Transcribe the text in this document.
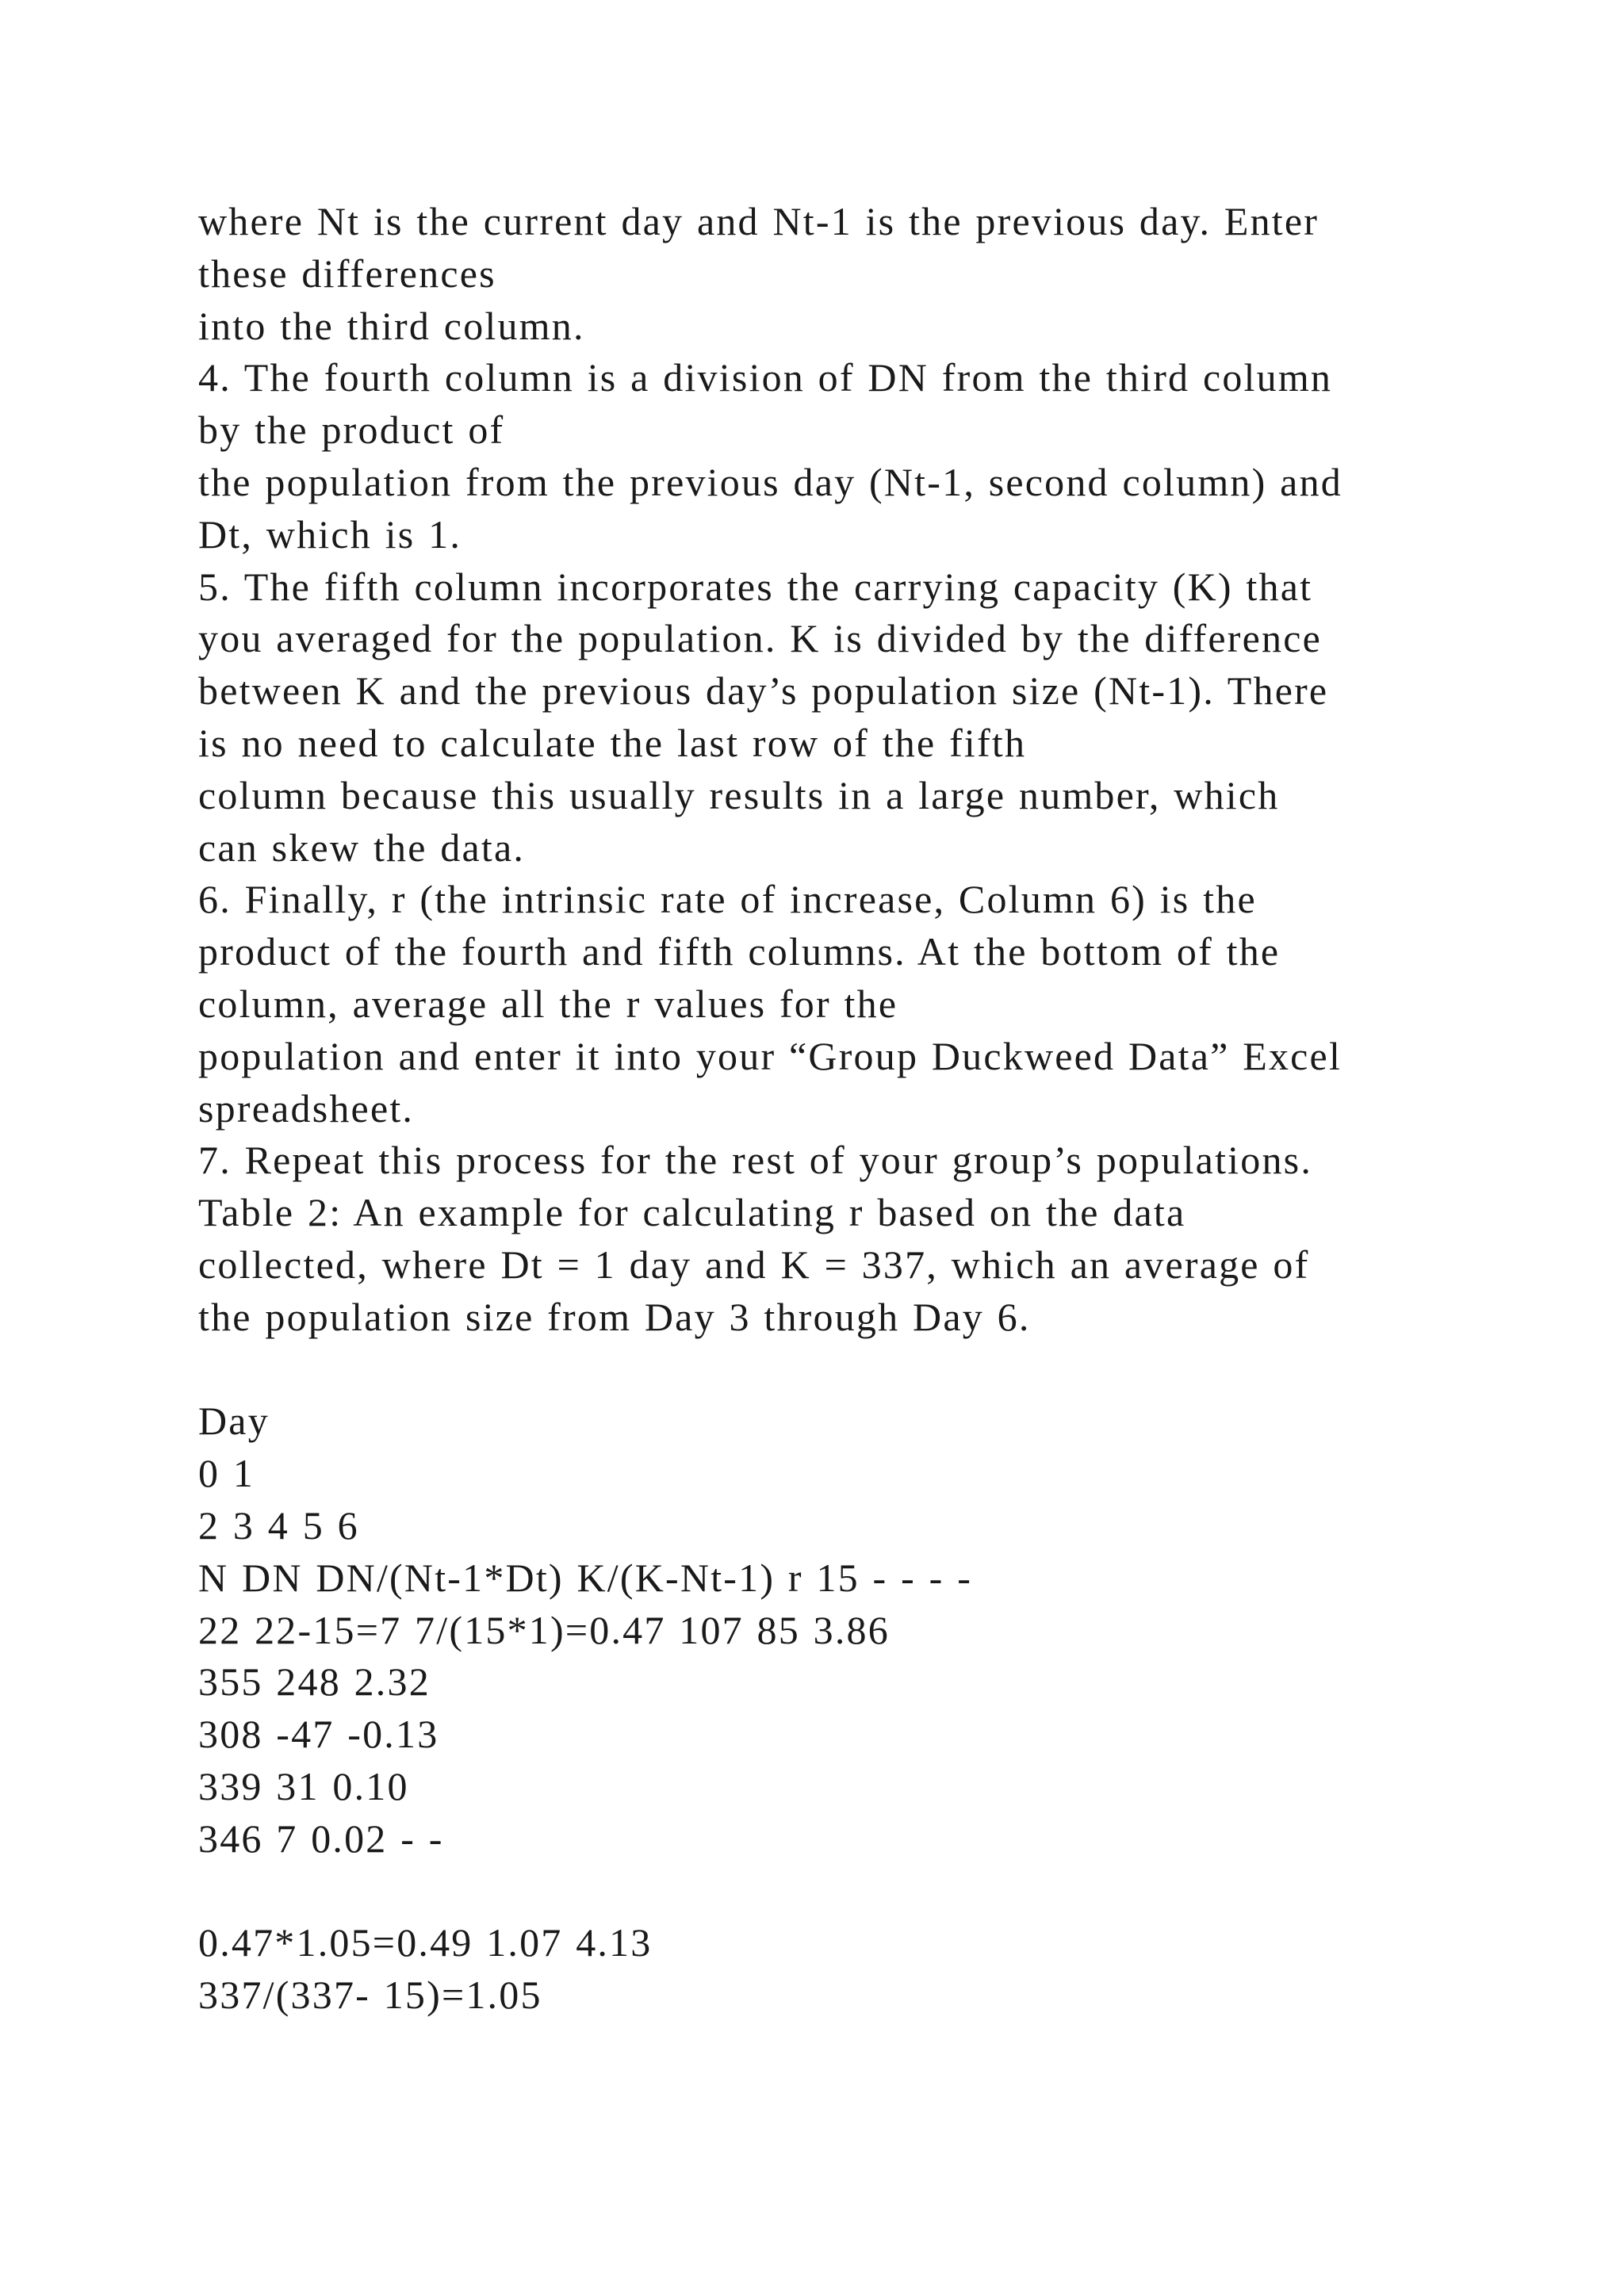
where Nt is the current day and Nt-1 is the previous day. Enter
these differences
into the third column.
4. The fourth column is a division of DN from the third column
by the product of
the population from the previous day (Nt-1, second column) and
Dt, which is 1.
5. The fifth column incorporates the carrying capacity (K) that
you averaged for the population. K is divided by the difference
between K and the previous day’s population size (Nt-1). There
is no need to calculate the last row of the fifth
column because this usually results in a large number, which
can skew the data.
6. Finally, r (the intrinsic rate of increase, Column 6) is the
product of the fourth and fifth columns. At the bottom of the
column, average all the r values for the
population and enter it into your “Group Duckweed Data” Excel
spreadsheet.
7. Repeat this process for the rest of your group’s populations.
Table 2: An example for calculating r based on the data
collected, where Dt = 1 day and K = 337, which an average of
the population size from Day 3 through Day 6.
Day
0 1
2 3 4 5 6
N DN DN/(Nt-1*Dt) K/(K-Nt-1) r 15 - - - -
22 22-15=7 7/(15*1)=0.47 107 85 3.86
355 248 2.32
308 -47 -0.13
339 31 0.10
346 7 0.02 - -
0.47*1.05=0.49 1.07 4.13
337/(337- 15)=1.05
